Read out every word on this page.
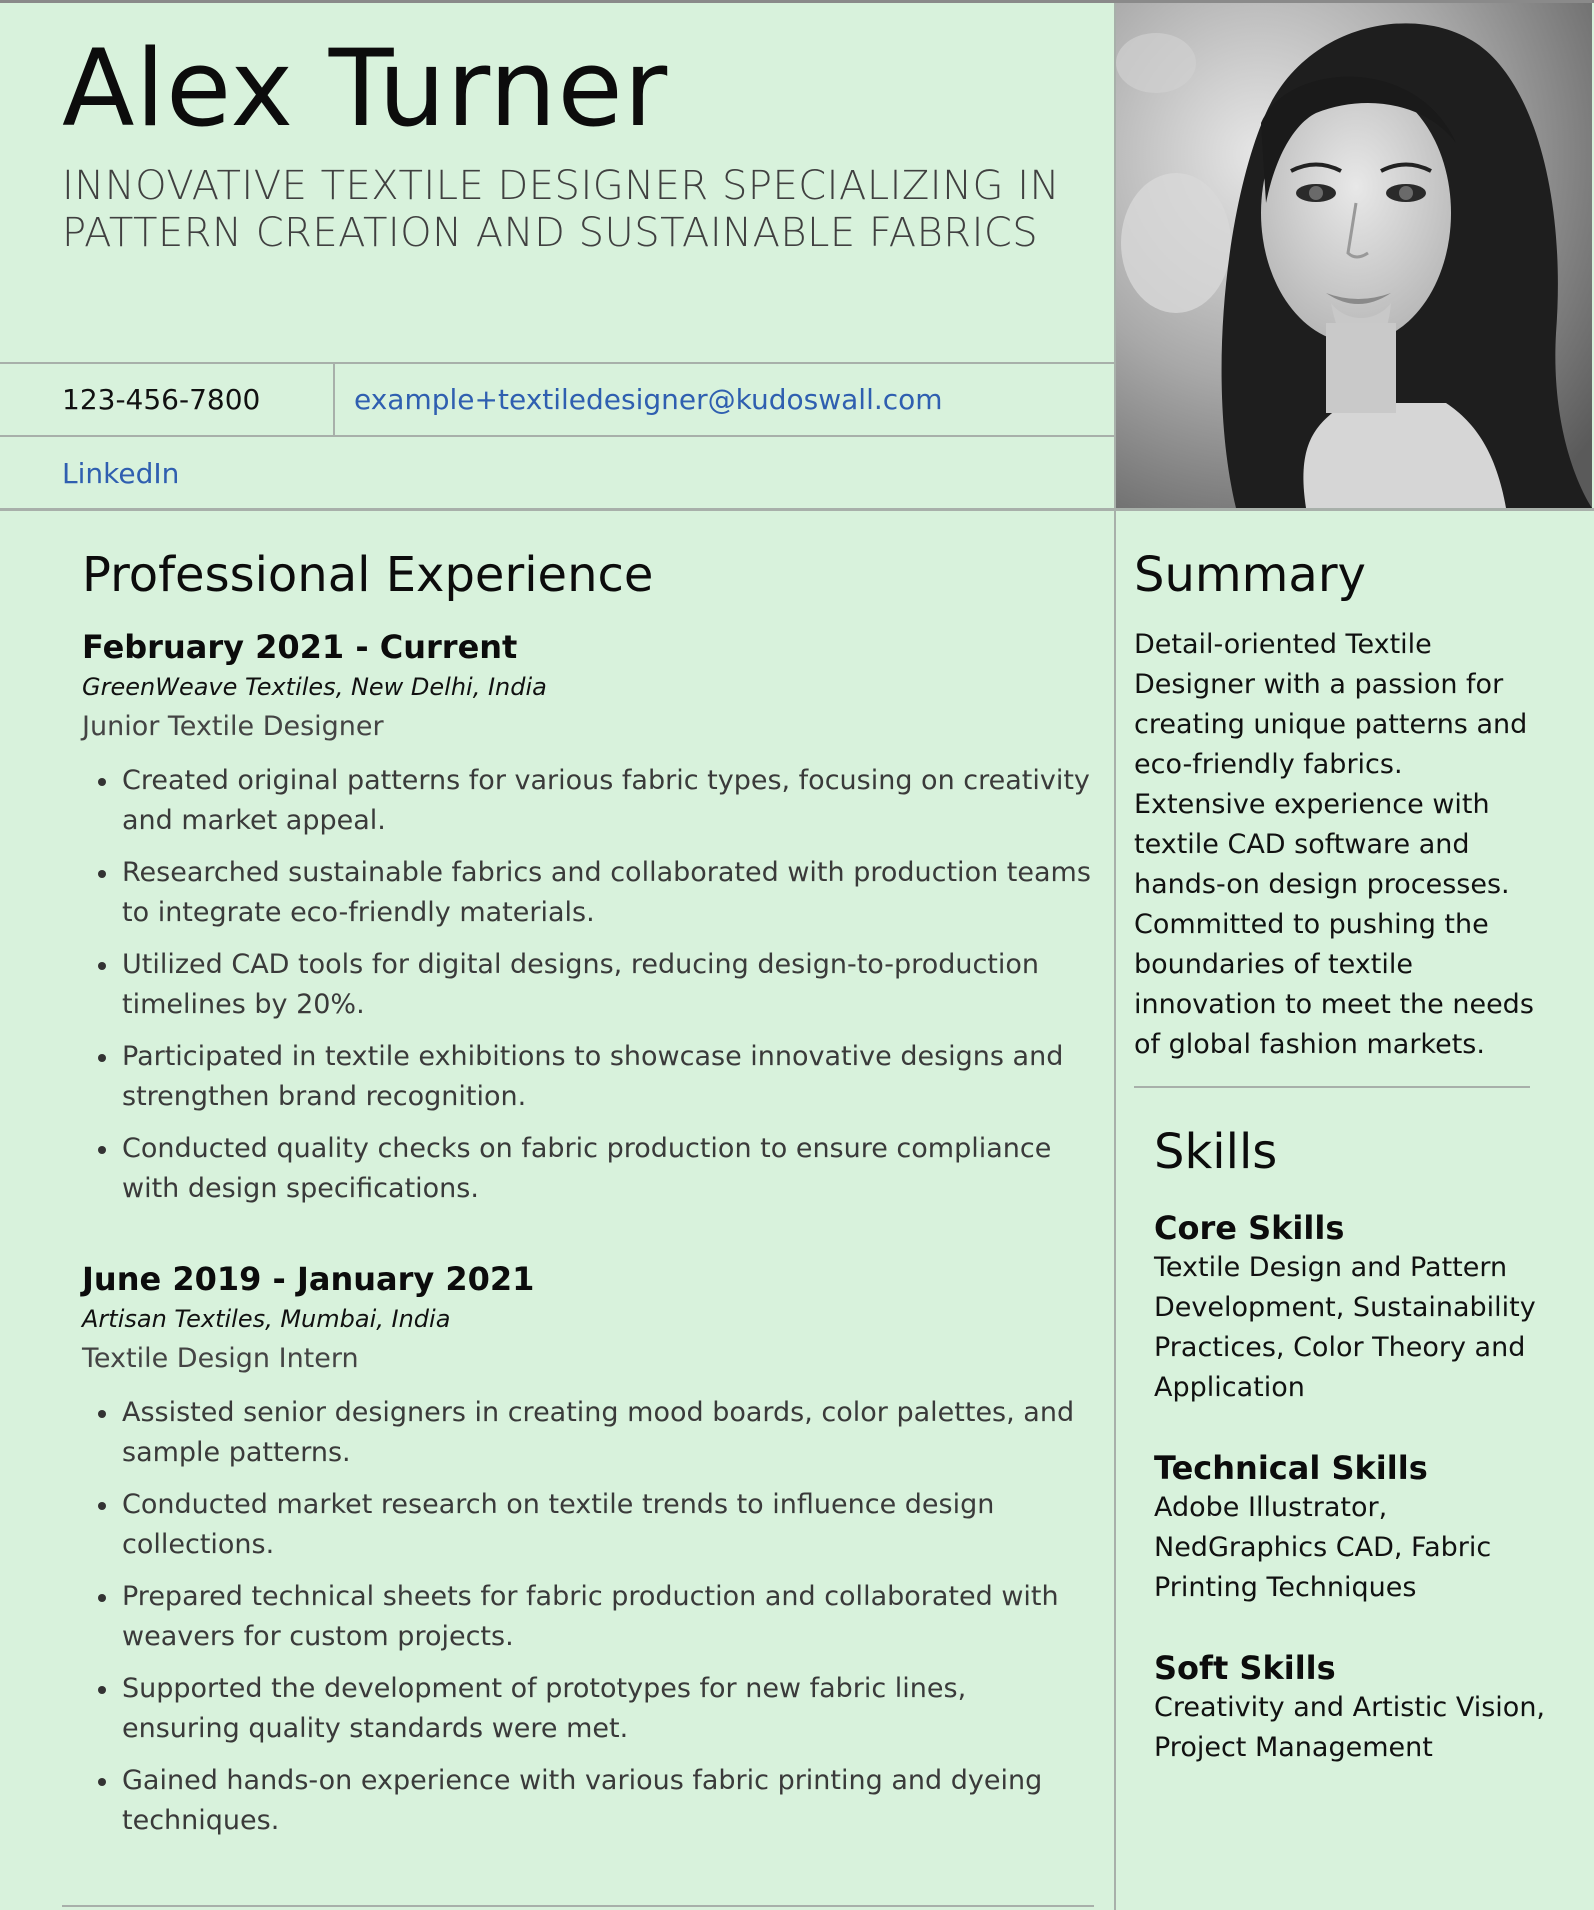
Alex Turner
INNOVATIVE TEXTILE DESIGNER SPECIALIZING IN PATTERN CREATION AND SUSTAINABLE FABRICS
123-456-7800	example+textiledesigner@kudoswall.com
LinkedIn
Professional Experience
February 2021 - Current
GreenWeave Textiles, New Delhi, India
Junior Textile Designer
Created original patterns for various fabric types, focusing on creativity and market appeal.
Researched sustainable fabrics and collaborated with production teams to integrate eco-friendly materials.
Utilized CAD tools for digital designs, reducing design-to-production timelines by 20%.
Participated in textile exhibitions to showcase innovative designs and strengthen brand recognition.
Conducted quality checks on fabric production to ensure compliance with design specifications.
June 2019 - January 2021
Artisan Textiles, Mumbai, India
Textile Design Intern
Assisted senior designers in creating mood boards, color palettes, and sample patterns.
Conducted market research on textile trends to influence design collections.
Prepared technical sheets for fabric production and collaborated with weavers for custom projects.
Supported the development of prototypes for new fabric lines, ensuring quality standards were met.
Gained hands-on experience with various fabric printing and dyeing techniques.
Summary

Detail-oriented Textile Designer with a passion for creating unique patterns and eco-friendly fabrics. Extensive experience with textile CAD software and hands-on design processes. Committed to pushing the boundaries of textile innovation to meet the needs of global fashion markets.

Skills
Core Skills
Textile Design and Pattern Development, Sustainability Practices, Color Theory and Application
Technical Skills
Adobe Illustrator, NedGraphics CAD, Fabric Printing Techniques
Soft Skills
Creativity and Artistic Vision, Project Management
